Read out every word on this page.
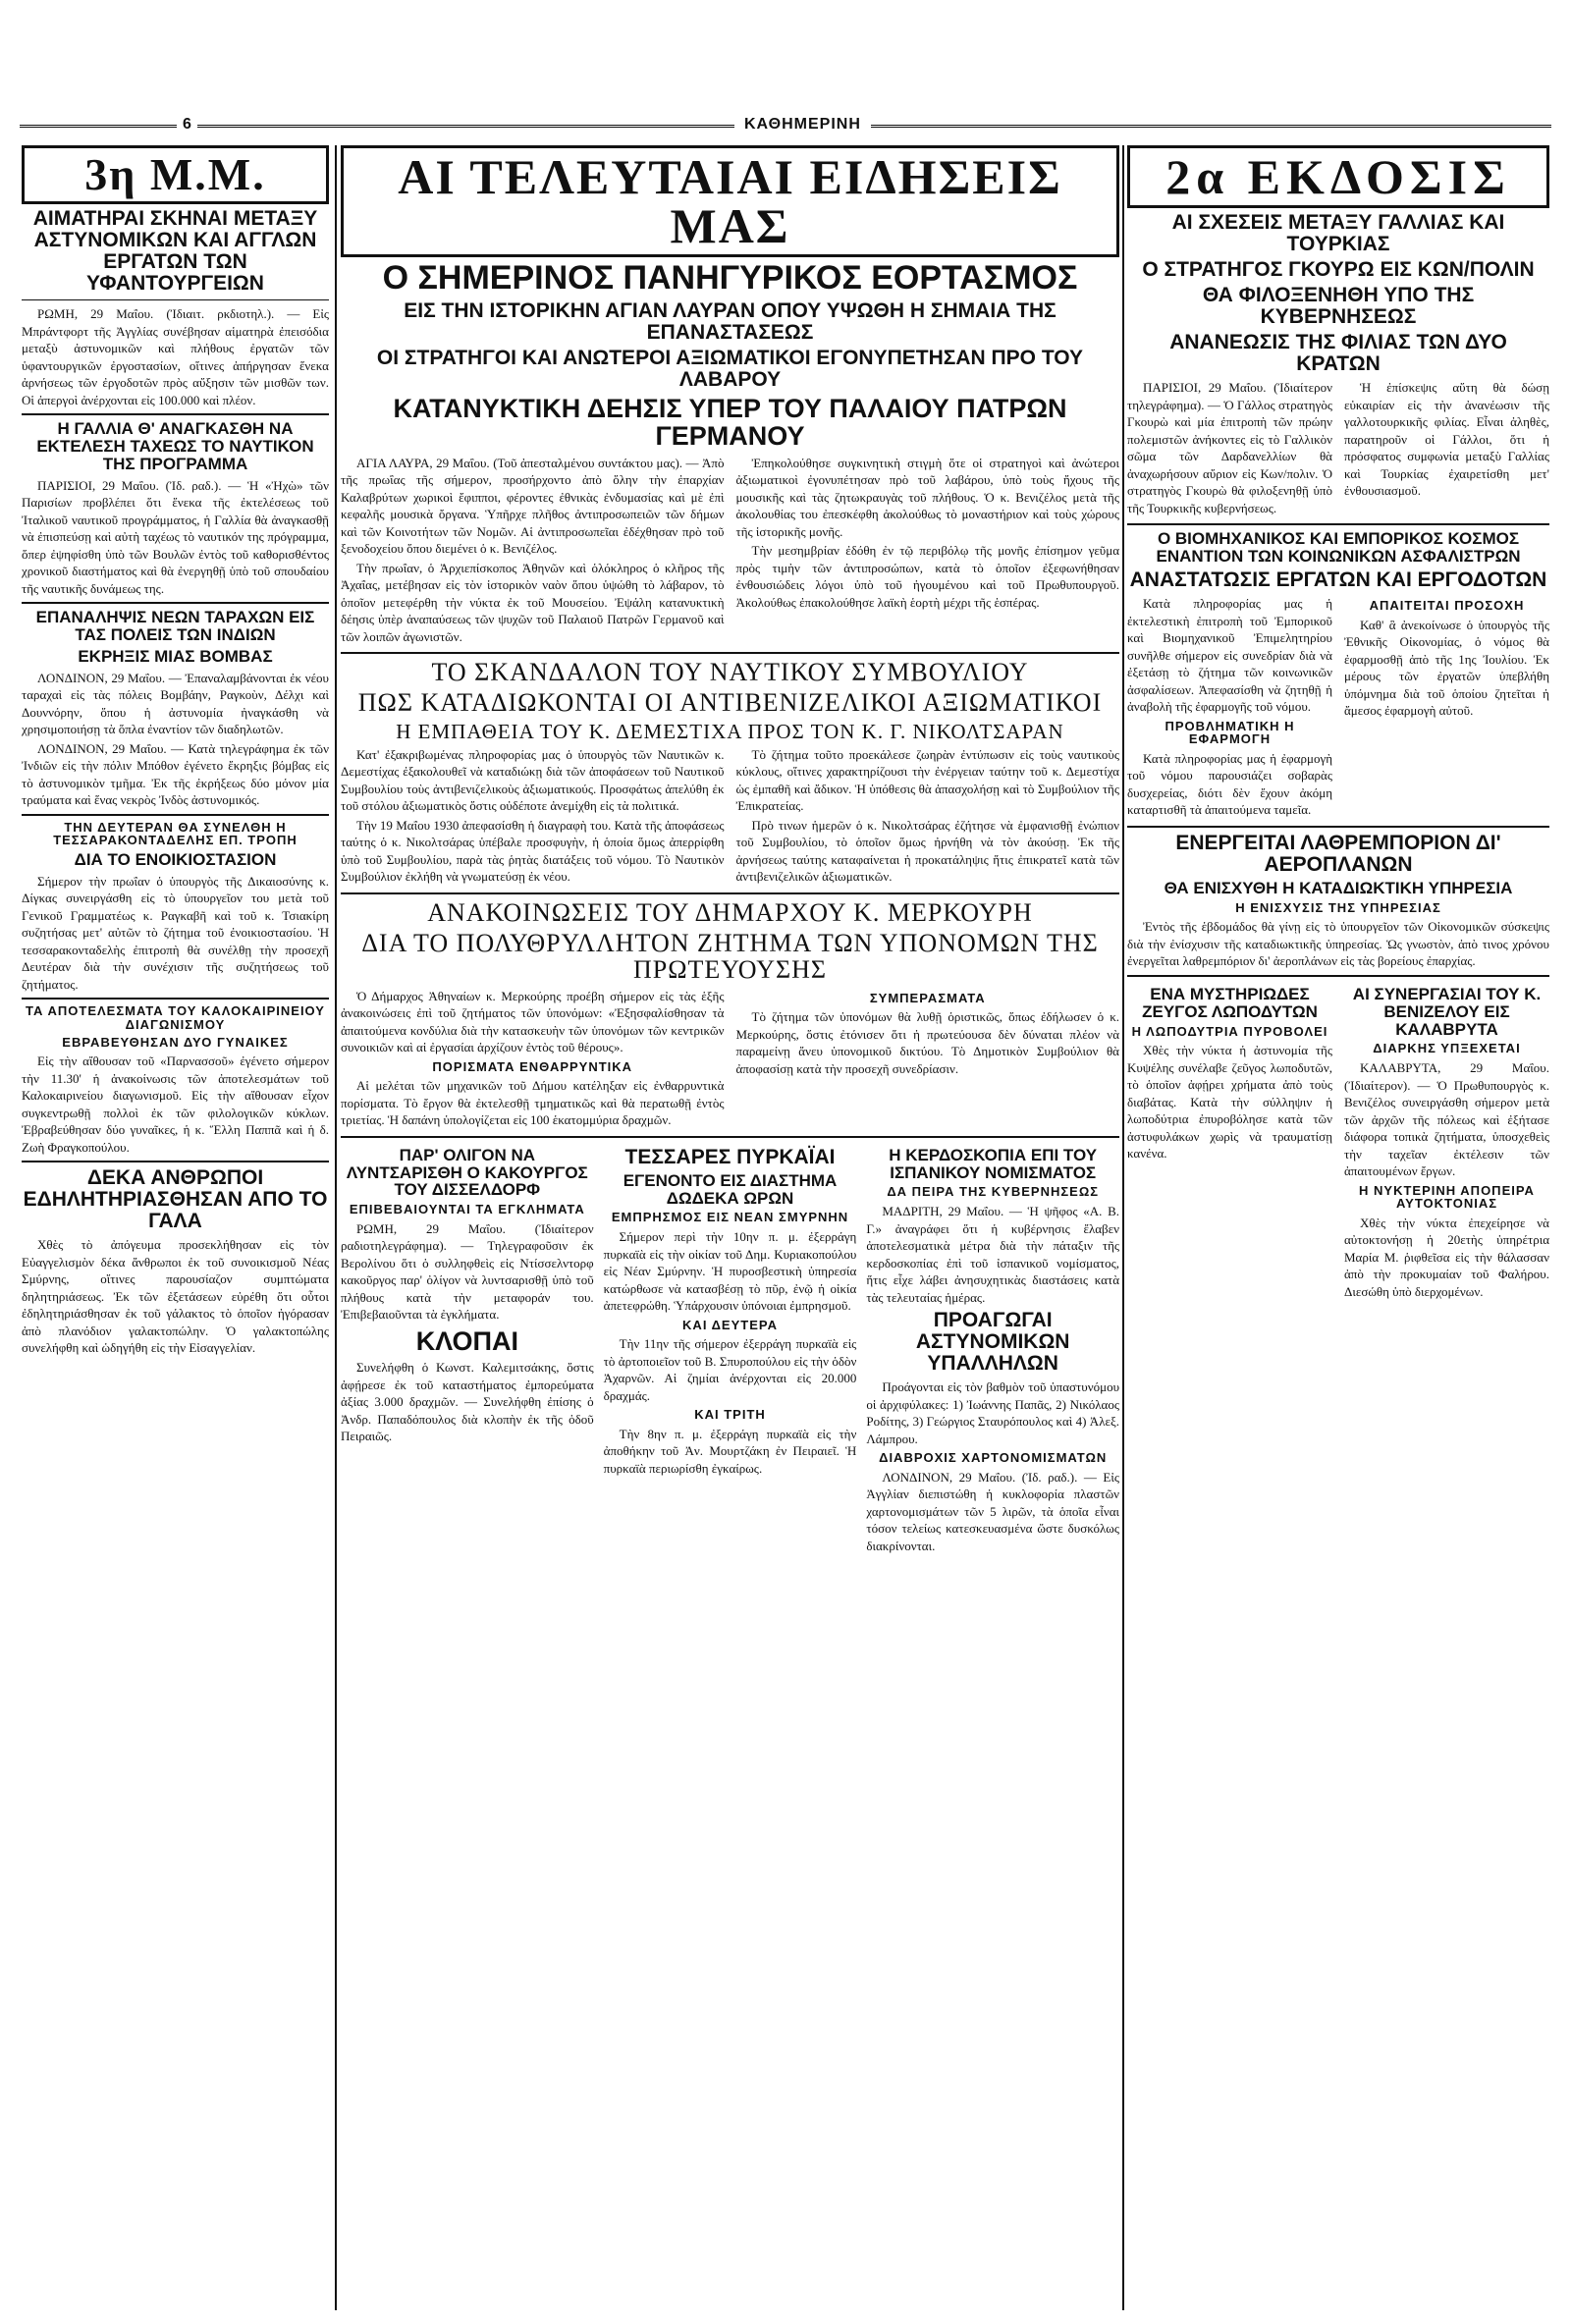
6	ΚΑΘΗΜΕΡΙΝΗ
3η Μ.Μ.
ΑΙΜΑΤΗΡΑΙ ΣΚΗΝΑΙ ΜΕΤΑΞΥ ΑΣΤΥΝΟΜΙΚΩΝ ΚΑΙ ΑΓΓΛΩΝ ΕΡΓΑΤΩΝ ΤΩΝ ΥΦΑΝΤΟΥΡΓΕΙΩΝ

ΡΩΜΗ, 29 Μαΐου. (Ἰδιαιτ. ρκδιοτηλ.). — Εἰς Μπράντφορτ τῆς Ἀγγλίας συνέβησαν αἱματηρὰ ἐπεισόδια μεταξὺ ἀστυνομικῶν καὶ πλήθους ἐργατῶν τῶν ὑφαντουργικῶν ἐργοστασίων, οἵτινες ἀπήργησαν ἕνεκα ἀρνήσεως τῶν ἐργοδοτῶν πρὸς αὔξησιν τῶν μισθῶν των. Οἱ ἀπεργοὶ ἀνέρχονται εἰς 100.000 καὶ πλέον.

Η ΓΑΛΛΙΑ Θ' ΑΝΑΓΚΑΣΘΗ ΝΑ ΕΚΤΕΛΕΣΗ ΤΑΧΕΩΣ ΤΟ ΝΑΥΤΙΚΟΝ ΤΗΣ ΠΡΟΓΡΑΜΜΑ

ΠΑΡΙΣΙΟΙ, 29 Μαΐου. (Ἰδ. ραδ.). — Ἡ «Ἠχὼ» τῶν Παρισίων προβλέπει ὅτι ἕνεκα τῆς ἐκτελέσεως τοῦ Ἰταλικοῦ ναυτικοῦ προγράμματος, ἡ Γαλλία θὰ ἀναγκασθῇ νὰ ἐπισπεύσῃ καὶ αὐτὴ ταχέως τὸ ναυτικόν της πρόγραμμα, ὅπερ ἐψηφίσθη ὑπὸ τῶν Βουλῶν ἐντὸς τοῦ καθορισθέντος χρονικοῦ διαστήματος καὶ θὰ ἐνεργηθῇ ὑπὸ τοῦ σπουδαίου τῆς ναυτικῆς δυνάμεως της.

ΕΠΑΝΑΛΗΨΙΣ ΝΕΩΝ ΤΑΡΑΧΩΝ ΕΙΣ ΤΑΣ ΠΟΛΕΙΣ ΤΩΝ ΙΝΔΙΩΝ
ΕΚΡΗΞΙΣ ΜΙΑΣ ΒΟΜΒΑΣ

ΛΟΝΔΙΝΟΝ, 29 Μαΐου. — Ἐπαναλαμβάνονται ἐκ νέου ταραχαὶ εἰς τὰς πόλεις Βομβάην, Ραγκοὺν, Δέλχι καὶ Δουννόρην, ὅπου ἡ ἀστυνομία ἠναγκάσθη νὰ χρησιμοποιήσῃ τὰ ὅπλα ἐναντίον τῶν διαδηλωτῶν.

ΛΟΝΔΙΝΟΝ, 29 Μαΐου. — Κατὰ τηλεγράφημα ἐκ τῶν Ἰνδιῶν εἰς τὴν πόλιν Μπόθον ἐγένετο ἔκρηξις βόμβας εἰς τὸ ἀστυνομικὸν τμῆμα. Ἐκ τῆς ἐκρήξεως δύο μόνον μία τραύματα καὶ ἕνας νεκρὸς Ἰνδὸς ἀστυνομικός.

ΤΗΝ ΔΕΥΤΕΡΑΝ ΘΑ ΣΥΝΕΛΘΗ Η ΤΕΣΣΑΡΑΚΟΝΤΑΔΕΛΗΣ ΕΠ. ΤΡΟΠΗ
ΔΙΑ ΤΟ ΕΝΟΙΚΙΟΣΤΑΣΙΟΝ

Σήμερον τὴν πρωΐαν ὁ ὑπουργὸς τῆς Δικαιοσύνης κ. Δίγκας συνειργάσθη εἰς τὸ ὑπουργεῖον του μετὰ τοῦ Γενικοῦ Γραμματέως κ. Ραγκαβῆ καὶ τοῦ κ. Τσιακίρη συζητήσας μετ' αὐτῶν τὸ ζήτημα τοῦ ἐνοικιοστασίου. Ἡ τεσσαρακονταδελὴς ἐπιτροπὴ θὰ συνέλθῃ τὴν προσεχῆ Δευτέραν διὰ τὴν συνέχισιν τῆς συζητήσεως τοῦ ζητήματος.

ΤΑ ΑΠΟΤΕΛΕΣΜΑΤΑ ΤΟΥ ΚΑΛΟΚΑΙΡΙΝΕΙΟΥ ΔΙΑΓΩΝΙΣΜΟΥ
ΕΒΡΑΒΕΥΘΗΣΑΝ ΔΥΟ ΓΥΝΑΙΚΕΣ

Εἰς τὴν αἴθουσαν τοῦ «Παρνασσοῦ» ἐγένετο σήμερον τὴν 11.30' ἡ ἀνακοίνωσις τῶν ἀποτελεσμάτων τοῦ Καλοκαιρινείου διαγωνισμοῦ. Εἰς τὴν αἴθουσαν εἶχον συγκεντρωθῇ πολλοὶ ἐκ τῶν φιλολογικῶν κύκλων. Ἐβραβεύθησαν δύο γυναῖκες, ἡ κ. Ἕλλη Παππᾶ καὶ ἡ δ. Ζωὴ Φραγκοπούλου.

ΔΕΚΑ ΑΝΘΡΩΠΟΙ ΕΔΗΛΗΤΗΡΙΑΣΘΗΣΑΝ ΑΠΟ ΤΟ ΓΑΛΑ

Χθὲς τὸ ἀπόγευμα προσεκλήθησαν εἰς τὸν Εὐαγγελισμὸν δέκα ἄνθρωποι ἐκ τοῦ συνοικισμοῦ Νέας Σμύρνης, οἵτινες παρουσίαζον συμπτώματα δηλητηριάσεως. Ἐκ τῶν ἐξετάσεων εὑρέθη ὅτι οὗτοι ἐδηλητηριάσθησαν ἐκ τοῦ γάλακτος τὸ ὁποῖον ἠγόρασαν ἀπὸ πλανόδιον γαλακτοπώλην. Ὁ γαλακτοπώλης συνελήφθη καὶ ὡδηγήθη εἰς τὴν Εἰσαγγελίαν.

ΑΙ ΤΕΛΕΥΤΑΙΑΙ ΕΙΔΗΣΕΙΣ ΜΑΣ
Ο ΣΗΜΕΡΙΝΟΣ ΠΑΝΗΓΥΡΙΚΟΣ ΕΟΡΤΑΣΜΟΣ
ΕΙΣ ΤΗΝ ΙΣΤΟΡΙΚΗΝ ΑΓΙΑΝ ΛΑΥΡΑΝ ΟΠΟΥ ΥΨΩΘΗ Η ΣΗΜΑΙΑ ΤΗΣ ΕΠΑΝΑΣΤΑΣΕΩΣ
ΟΙ ΣΤΡΑΤΗΓΟΙ ΚΑΙ ΑΝΩΤΕΡΟΙ ΑΞΙΩΜΑΤΙΚΟΙ ΕΓΟΝΥΠΕΤΗΣΑΝ ΠΡΟ ΤΟΥ ΛΑΒΑΡΟΥ
ΚΑΤΑΝΥΚΤΙΚΗ ΔΕΗΣΙΣ ΥΠΕΡ ΤΟΥ ΠΑΛΑΙΟΥ ΠΑΤΡΩΝ ΓΕΡΜΑΝΟΥ

ΑΓΙΑ ΛΑΥΡΑ, 29 Μαΐου. (Τοῦ ἀπεσταλμένου συντάκτου μας). — Ἀπὸ τῆς πρωΐας τῆς σήμερον, προσήρχοντο ἀπὸ ὅλην τὴν ἐπαρχίαν Καλαβρύτων χωρικοὶ ἔφιπποι, φέροντες ἐθνικὰς ἐνδυμασίας καὶ μὲ ἐπὶ κεφαλῆς μουσικὰ ὄργανα. Ὑπῆρχε πλῆθος ἀντιπροσωπειῶν τῶν δήμων καὶ τῶν Κοινοτήτων τῶν Νομῶν. Αἱ ἀντιπροσωπεῖαι ἐδέχθησαν πρὸ τοῦ ξενοδοχείου ὅπου διεμένει ὁ κ. Βενιζέλος.

Τὴν πρωΐαν, ὁ Ἀρχιεπίσκοπος Ἀθηνῶν καὶ ὁλόκληρος ὁ κλῆρος τῆς Ἀχαΐας, μετέβησαν εἰς τὸν ἱστορικὸν ναὸν ὅπου ὑψώθη τὸ λάβαρον, τὸ ὁποῖον μετεφέρθη τὴν νύκτα ἐκ τοῦ Μουσείου. Ἐψάλη κατανυκτικὴ δέησις ὑπὲρ ἀναπαύσεως τῶν ψυχῶν τοῦ Παλαιοῦ Πατρῶν Γερμανοῦ καὶ τῶν λοιπῶν ἀγωνιστῶν.

Ἐπηκολούθησε συγκινητικὴ στιγμὴ ὅτε οἱ στρατηγοὶ καὶ ἀνώτεροι ἀξιωματικοὶ ἐγονυπέτησαν πρὸ τοῦ λαβάρου, ὑπὸ τοὺς ἤχους τῆς μουσικῆς καὶ τὰς ζητωκραυγὰς τοῦ πλήθους. Ὁ κ. Βενιζέλος μετὰ τῆς ἀκολουθίας του ἐπεσκέφθη ἀκολούθως τὸ μοναστήριον καὶ τοὺς χώρους τῆς ἱστορικῆς μονῆς.

Τὴν μεσημβρίαν ἐδόθη ἐν τῷ περιβόλῳ τῆς μονῆς ἐπίσημον γεῦμα πρὸς τιμὴν τῶν ἀντιπροσώπων, κατὰ τὸ ὁποῖον ἐξεφωνήθησαν ἐνθουσιώδεις λόγοι ὑπὸ τοῦ ἡγουμένου καὶ τοῦ Πρωθυπουργοῦ. Ἀκολούθως ἐπακολούθησε λαϊκὴ ἑορτὴ μέχρι τῆς ἑσπέρας.

ΤΟ ΣΚΑΝΔΑΛΟΝ ΤΟΥ ΝΑΥΤΙΚΟΥ ΣΥΜΒΟΥΛΙΟΥ
ΠΩΣ ΚΑΤΑΔΙΩΚΟΝΤΑΙ ΟΙ ΑΝΤΙΒΕΝΙΖΕΛΙΚΟΙ ΑΞΙΩΜΑΤΙΚΟΙ
Η ΕΜΠΑΘΕΙΑ ΤΟΥ Κ. ΔΕΜΕΣΤΙΧΑ ΠΡΟΣ ΤΟΝ Κ. Γ. ΝΙΚΟΛΤΣΑΡΑΝ

Κατ' ἐξακριβωμένας πληροφορίας μας ὁ ὑπουργὸς τῶν Ναυτικῶν κ. Δεμεστίχας ἐξακολουθεῖ νὰ καταδιώκῃ διὰ τῶν ἀποφάσεων τοῦ Ναυτικοῦ Συμβουλίου τοὺς ἀντιβενιζελικοὺς ἀξιωματικούς. Προσφάτως ἀπελύθη ἐκ τοῦ στόλου ἀξιωματικὸς ὅστις οὐδέποτε ἀνεμίχθη εἰς τὰ πολιτικά.

Τὴν 19 Μαΐου 1930 ἀπεφασίσθη ἡ διαγραφὴ του. Κατὰ τῆς ἀποφάσεως ταύτης ὁ κ. Νικολτσάρας ὑπέβαλε προσφυγὴν, ἡ ὁποία ὅμως ἀπερρίφθη ὑπὸ τοῦ Συμβουλίου, παρὰ τὰς ῥητὰς διατάξεις τοῦ νόμου. Τὸ Ναυτικὸν Συμβούλιον ἐκλήθη νὰ γνωματεύσῃ ἐκ νέου.

Τὸ ζήτημα τοῦτο προεκάλεσε ζωηρὰν ἐντύπωσιν εἰς τοὺς ναυτικοὺς κύκλους, οἵτινες χαρακτηρίζουσι τὴν ἐνέργειαν ταύτην τοῦ κ. Δεμεστίχα ὡς ἐμπαθῆ καὶ ἄδικον. Ἡ ὑπόθεσις θὰ ἀπασχολήσῃ καὶ τὸ Συμβούλιον τῆς Ἐπικρατείας.

Πρὸ τινων ἡμερῶν ὁ κ. Νικολτσάρας ἐζήτησε νὰ ἐμφανισθῇ ἐνώπιον τοῦ Συμβουλίου, τὸ ὁποῖον ὅμως ἠρνήθη νὰ τὸν ἀκούσῃ. Ἐκ τῆς ἀρνήσεως ταύτης καταφαίνεται ἡ προκατάληψις ἥτις ἐπικρατεῖ κατὰ τῶν ἀντιβενιζελικῶν ἀξιωματικῶν.

ΑΝΑΚΟΙΝΩΣΕΙΣ ΤΟΥ ΔΗΜΑΡΧΟΥ Κ. ΜΕΡΚΟΥΡΗ
ΔΙΑ ΤΟ ΠΟΛΥΘΡΥΛΛΗΤΟΝ ΖΗΤΗΜΑ ΤΩΝ ΥΠΟΝΟΜΩΝ ΤΗΣ ΠΡΩΤΕΥΟΥΣΗΣ

Ὁ Δήμαρχος Ἀθηναίων κ. Μερκούρης προέβη σήμερον εἰς τὰς ἑξῆς ἀνακοινώσεις ἐπὶ τοῦ ζητήματος τῶν ὑπονόμων: «Ἐξησφαλίσθησαν τὰ ἀπαιτούμενα κονδύλια διὰ τὴν κατασκευὴν τῶν ὑπονόμων τῶν κεντρικῶν συνοικιῶν καὶ αἱ ἐργασίαι ἀρχίζουν ἐντὸς τοῦ θέρους».

ΠΟΡΙΣΜΑΤΑ ΕΝΘΑΡΡΥΝΤΙΚΑ

Αἱ μελέται τῶν μηχανικῶν τοῦ Δήμου κατέληξαν εἰς ἐνθαρρυντικὰ πορίσματα. Τὸ ἔργον θὰ ἐκτελεσθῇ τμηματικῶς καὶ θὰ περατωθῇ ἐντὸς τριετίας. Ἡ δαπάνη ὑπολογίζεται εἰς 100 ἑκατομμύρια δραχμῶν.

ΣΥΜΠΕΡΑΣΜΑΤΑ

Τὸ ζήτημα τῶν ὑπονόμων θὰ λυθῇ ὁριστικῶς, ὅπως ἐδήλωσεν ὁ κ. Μερκούρης, ὅστις ἐτόνισεν ὅτι ἡ πρωτεύουσα δὲν δύναται πλέον νὰ παραμείνῃ ἄνευ ὑπονομικοῦ δικτύου. Τὸ Δημοτικὸν Συμβούλιον θὰ ἀποφασίσῃ κατὰ τὴν προσεχῆ συνεδρίασιν.

ΠΑΡ' ΟΛΙΓΟΝ ΝΑ ΛΥΝΤΣΑΡΙΣΘΗ Ο ΚΑΚΟΥΡΓΟΣ ΤΟΥ ΔΙΣΣΕΛΔΟΡΦ
ΕΠΙΒΕΒΑΙΟΥΝΤΑΙ ΤΑ ΕΓΚΛΗΜΑΤΑ

ΡΩΜΗ, 29 Μαΐου. (Ἰδιαίτερον ραδιοτηλεγράφημα). — Τηλεγραφοῦσιν ἐκ Βερολίνου ὅτι ὁ συλληφθεὶς εἰς Ντίσσελντορφ κακοῦργος παρ' ὀλίγον νὰ λυντσαρισθῇ ὑπὸ τοῦ πλήθους κατὰ τὴν μεταφοράν του. Ἐπιβεβαιοῦνται τὰ ἐγκλήματα.

ΚΛΟΠΑΙ

Συνελήφθη ὁ Κωνστ. Καλεμιτσάκης, ὅστις ἀφῄρεσε ἐκ τοῦ καταστήματος ἐμπορεύματα ἀξίας 3.000 δραχμῶν. — Συνελήφθη ἐπίσης ὁ Ἀνδρ. Παπαδόπουλος διὰ κλοπὴν ἐκ τῆς ὁδοῦ Πειραιῶς.

ΤΕΣΣΑΡΕΣ ΠΥΡΚΑΪΑΙ
ΕΓΕΝΟΝΤΟ ΕΙΣ ΔΙΑΣΤΗΜΑ ΔΩΔΕΚΑ ΩΡΩΝ
ΕΜΠΡΗΣΜΟΣ ΕΙΣ ΝΕΑΝ ΣΜΥΡΝΗΝ

Σήμερον περὶ τὴν 10ην π. μ. ἐξερράγη πυρκαϊὰ εἰς τὴν οἰκίαν τοῦ Δημ. Κυριακοπούλου εἰς Νέαν Σμύρνην. Ἡ πυροσβεστικὴ ὑπηρεσία κατώρθωσε νὰ κατασβέσῃ τὸ πῦρ, ἐνῷ ἡ οἰκία ἀπετεφρώθη. Ὑπάρχουσιν ὑπόνοιαι ἐμπρησμοῦ.

ΚΑΙ ΔΕΥΤΕΡΑ

Τὴν 11ην τῆς σήμερον ἐξερράγη πυρκαϊὰ εἰς τὸ ἀρτοποιεῖον τοῦ Β. Σπυροπούλου εἰς τὴν ὁδὸν Ἀχαρνῶν. Αἱ ζημίαι ἀνέρχονται εἰς 20.000 δραχμάς.

ΚΑΙ ΤΡΙΤΗ

Τὴν 8ην π. μ. ἐξερράγη πυρκαϊὰ εἰς τὴν ἀποθήκην τοῦ Ἀν. Μουρτζάκη ἐν Πειραιεῖ. Ἡ πυρκαϊὰ περιωρίσθη ἐγκαίρως.

Η ΚΕΡΔΟΣΚΟΠΙΑ ΕΠΙ ΤΟΥ ΙΣΠΑΝΙΚΟΥ ΝΟΜΙΣΜΑΤΟΣ
ΔΑ ΠΕΙΡΑ ΤΗΣ ΚΥΒΕΡΝΗΣΕΩΣ

ΜΑΔΡΙΤΗ, 29 Μαΐου. — Ἡ ψῆφος «Α. Β. Γ.» ἀναγράφει ὅτι ἡ κυβέρνησις ἔλαβεν ἀποτελεσματικὰ μέτρα διὰ τὴν πάταξιν τῆς κερδοσκοπίας ἐπὶ τοῦ ἰσπανικοῦ νομίσματος, ἥτις εἶχε λάβει ἀνησυχητικὰς διαστάσεις κατὰ τὰς τελευταίας ἡμέρας.

ΠΡΟΑΓΩΓΑΙ ΑΣΤΥΝΟΜΙΚΩΝ ΥΠΑΛΛΗΛΩΝ

Προάγονται εἰς τὸν βαθμὸν τοῦ ὑπαστυνόμου οἱ ἀρχιφύλακες: 1) Ἰωάννης Παπᾶς, 2) Νικόλαος Ροδίτης, 3) Γεώργιος Σταυρόπουλος καὶ 4) Ἀλεξ. Λάμπρου.

ΔΙΑΒΡΟΧΙΣ ΧΑΡΤΟΝΟΜΙΣΜΑΤΩΝ

ΛΟΝΔΙΝΟΝ, 29 Μαΐου. (Ἰδ. ραδ.). — Εἰς Ἀγγλίαν διεπιστώθη ἡ κυκλοφορία πλαστῶν χαρτονομισμάτων τῶν 5 λιρῶν, τὰ ὁποῖα εἶναι τόσον τελείως κατεσκευασμένα ὥστε δυσκόλως διακρίνονται.

2α ΕΚΔΟΣΙΣ
ΑΙ ΣΧΕΣΕΙΣ ΜΕΤΑΞΥ ΓΑΛΛΙΑΣ ΚΑΙ ΤΟΥΡΚΙΑΣ
Ο ΣΤΡΑΤΗΓΟΣ ΓΚΟΥΡΩ ΕΙΣ ΚΩΝ/ΠΟΛΙΝ
ΘΑ ΦΙΛΟΞΕΝΗΘΗ ΥΠΟ ΤΗΣ ΚΥΒΕΡΝΗΣΕΩΣ
ΑΝΑΝΕΩΣΙΣ ΤΗΣ ΦΙΛΙΑΣ ΤΩΝ ΔΥΟ ΚΡΑΤΩΝ

ΠΑΡΙΣΙΟΙ, 29 Μαΐου. (Ἰδιαίτερον τηλεγράφημα). — Ὁ Γάλλος στρατηγὸς Γκουρὼ καὶ μία ἐπιτροπὴ τῶν πρώην πολεμιστῶν ἀνήκοντες εἰς τὸ Γαλλικὸν σῶμα τῶν Δαρδανελλίων θὰ ἀναχωρήσουν αὔριον εἰς Κων/πολιν. Ὁ στρατηγὸς Γκουρὼ θὰ φιλοξενηθῇ ὑπὸ τῆς Τουρκικῆς κυβερνήσεως.

Ἡ ἐπίσκεψις αὕτη θὰ δώσῃ εὐκαιρίαν εἰς τὴν ἀνανέωσιν τῆς γαλλοτουρκικῆς φιλίας. Εἶναι ἀληθὲς, παρατηροῦν οἱ Γάλλοι, ὅτι ἡ πρόσφατος συμφωνία μεταξὺ Γαλλίας καὶ Τουρκίας ἐχαιρετίσθη μετ' ἐνθουσιασμοῦ.

Ο ΒΙΟΜΗΧΑΝΙΚΟΣ ΚΑΙ ΕΜΠΟΡΙΚΟΣ ΚΟΣΜΟΣ ΕΝΑΝΤΙΟΝ ΤΩΝ ΚΟΙΝΩΝΙΚΩΝ ΑΣΦΑΛΙΣΤΡΩΝ
ΑΝΑΣΤΑΤΩΣΙΣ ΕΡΓΑΤΩΝ ΚΑΙ ΕΡΓΟΔΟΤΩΝ

Κατὰ πληροφορίας μας ἡ ἐκτελεστικὴ ἐπιτροπὴ τοῦ Ἐμπορικοῦ καὶ Βιομηχανικοῦ Ἐπιμελητηρίου συνῆλθε σήμερον εἰς συνεδρίαν διὰ νὰ ἐξετάσῃ τὸ ζήτημα τῶν κοινωνικῶν ἀσφαλίσεων. Ἀπεφασίσθη νὰ ζητηθῇ ἡ ἀναβολὴ τῆς ἐφαρμογῆς τοῦ νόμου.

ΠΡΟΒΛΗΜΑΤΙΚΗ Η ΕΦΑΡΜΟΓΗ

Κατὰ πληροφορίας μας ἡ ἐφαρμογὴ τοῦ νόμου παρουσιάζει σοβαρὰς δυσχερείας, διότι δὲν ἔχουν ἀκόμη καταρτισθῆ τὰ ἀπαιτούμενα ταμεῖα.

ΑΠΑΙΤΕΙΤΑΙ ΠΡΟΣΟΧΗ

Καθ' ἃ ἀνεκοίνωσε ὁ ὑπουργὸς τῆς Ἐθνικῆς Οἰκονομίας, ὁ νόμος θὰ ἐφαρμοσθῇ ἀπὸ τῆς 1ης Ἰουλίου. Ἐκ μέρους τῶν ἐργατῶν ὑπεβλήθη ὑπόμνημα διὰ τοῦ ὁποίου ζητεῖται ἡ ἄμεσος ἐφαρμογὴ αὐτοῦ.

ΕΝΕΡΓΕΙΤΑΙ ΛΑΘΡΕΜΠΟΡΙΟΝ ΔΙ' ΑΕΡΟΠΛΑΝΩΝ
ΘΑ ΕΝΙΣΧΥΘΗ Η ΚΑΤΑΔΙΩΚΤΙΚΗ ΥΠΗΡΕΣΙΑ
Η ΕΝΙΣΧΥΣΙΣ ΤΗΣ ΥΠΗΡΕΣΙΑΣ

Ἐντὸς τῆς ἑβδομάδος θὰ γίνῃ εἰς τὸ ὑπουργεῖον τῶν Οἰκονομικῶν σύσκεψις διὰ τὴν ἐνίσχυσιν τῆς καταδιωκτικῆς ὑπηρεσίας. Ὡς γνωστὸν, ἀπὸ τινος χρόνου ἐνεργεῖται λαθρεμπόριον δι' ἀεροπλάνων εἰς τὰς βορείους ἐπαρχίας.

ΕΝΑ ΜΥΣΤΗΡΙΩΔΕΣ ΖΕΥΓΟΣ ΛΩΠΟΔΥΤΩΝ
Η ΛΩΠΟΔΥΤΡΙΑ ΠΥΡΟΒΟΛΕΙ

Χθὲς τὴν νύκτα ἡ ἀστυνομία τῆς Κυψέλης συνέλαβε ζεῦγος λωποδυτῶν, τὸ ὁποῖον ἀφῄρει χρήματα ἀπὸ τοὺς διαβάτας. Κατὰ τὴν σύλληψιν ἡ λωποδύτρια ἐπυροβόλησε κατὰ τῶν ἀστυφυλάκων χωρὶς νὰ τραυματίσῃ κανένα.

ΑΙ ΣΥΝΕΡΓΑΣΙΑΙ ΤΟΥ Κ. ΒΕΝΙΖΕΛΟΥ ΕΙΣ ΚΑΛΑΒΡΥΤΑ
ΔΙΑΡΚΗΣ ΥΠΞΕΧΕΤΑΙ

ΚΑΛΑΒΡΥΤΑ, 29 Μαΐου. (Ἰδιαίτερον). — Ὁ Πρωθυπουργὸς κ. Βενιζέλος συνειργάσθη σήμερον μετὰ τῶν ἀρχῶν τῆς πόλεως καὶ ἐξήτασε διάφορα τοπικὰ ζητήματα, ὑποσχεθεὶς τὴν ταχεῖαν ἐκτέλεσιν τῶν ἀπαιτουμένων ἔργων.

Η ΝΥΚΤΕΡΙΝΗ ΑΠΟΠΕΙΡΑ ΑΥΤΟΚΤΟΝΙΑΣ

Χθὲς τὴν νύκτα ἐπεχείρησε νὰ αὐτοκτονήσῃ ἡ 20ετὴς ὑπηρέτρια Μαρία Μ. ῥιφθεῖσα εἰς τὴν θάλασσαν ἀπὸ τὴν προκυμαίαν τοῦ Φαλήρου. Διεσώθη ὑπὸ διερχομένων.
